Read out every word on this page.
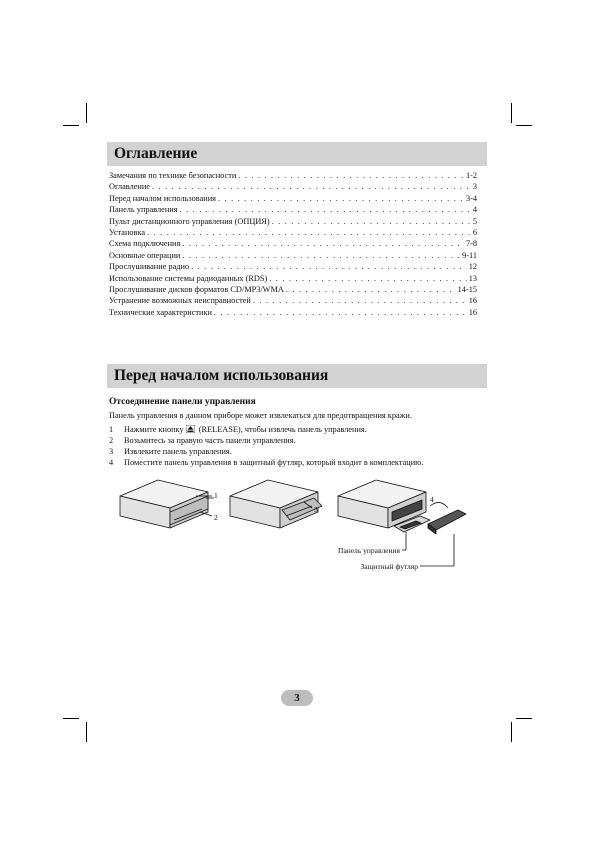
Оглавление
Замечания по технике безопасности . . .	1-2
Оглавление . . .	3
Перед началом использования . . .	3-4
Панель управления . . .	4
Пульт дистанционного управления (ОПЦИЯ) . . .	5
Установка . . .	6
Схема подключения . . .	7-8
Основные операции . . .	9-11
Прослушивание радио . . .	12
Использование системы радиоданных (RDS) . . .	13
Прослушивание дисков форматов CD/MP3/WMA . . .	14-15
Устранение возможных неисправностей . . .	16
Технические характеристики . . .	16
Перед началом использования
Отсоединение панели управления
Панель управления в данном приборе может извлекаться для предотвращения кражи.
1 Нажмите кнопку  (RELEASE), чтобы извлечь панель управления.
2 Возьмитесь за правую часть панели управления.
3 Извлеките панель управления.
4 Поместите панель управления в защитный футляр, который входит в комплектацию.
1
2
3
4
Панель управления
Защитный футляр
3
